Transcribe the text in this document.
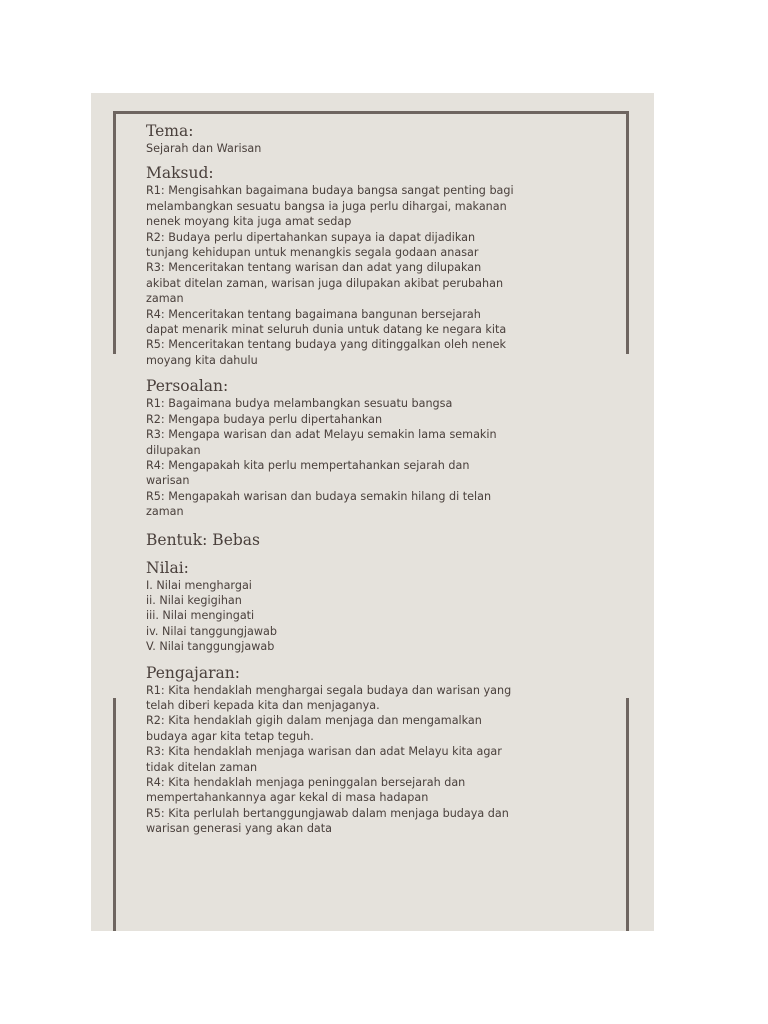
Tema:

Sejarah dan Warisan

Maksud:

R1: Mengisahkan bagaimana budaya bangsa sangat penting bagi

melambangkan sesuatu bangsa ia juga perlu dihargai, makanan

nenek moyang kita juga amat sedap

R2: Budaya perlu dipertahankan supaya ia dapat dijadikan

tunjang kehidupan untuk menangkis segala godaan anasar

R3: Menceritakan tentang warisan dan adat yang dilupakan

akibat ditelan zaman, warisan juga dilupakan akibat perubahan

zaman

R4: Menceritakan tentang bagaimana bangunan bersejarah

dapat menarik minat seluruh dunia untuk datang ke negara kita

R5: Menceritakan tentang budaya yang ditinggalkan oleh nenek

moyang kita dahulu

Persoalan:

R1: Bagaimana budya melambangkan sesuatu bangsa

R2: Mengapa budaya perlu dipertahankan

R3: Mengapa warisan dan adat Melayu semakin lama semakin

dilupakan

R4: Mengapakah kita perlu mempertahankan sejarah dan

warisan

R5: Mengapakah warisan dan budaya semakin hilang di telan

zaman

Bentuk: Bebas

Nilai:

I. Nilai menghargai

ii. Nilai kegigihan

iii. Nilai mengingati

iv. Nilai tanggungjawab

V. Nilai tanggungjawab

Pengajaran:

R1: Kita hendaklah menghargai segala budaya dan warisan yang

telah diberi kepada kita dan menjaganya.

R2: Kita hendaklah gigih dalam menjaga dan mengamalkan

budaya agar kita tetap teguh.

R3: Kita hendaklah menjaga warisan dan adat Melayu kita agar

tidak ditelan zaman

R4: Kita hendaklah menjaga peninggalan bersejarah dan

mempertahankannya agar kekal di masa hadapan

R5: Kita perlulah bertanggungjawab dalam menjaga budaya dan

warisan generasi yang akan data
